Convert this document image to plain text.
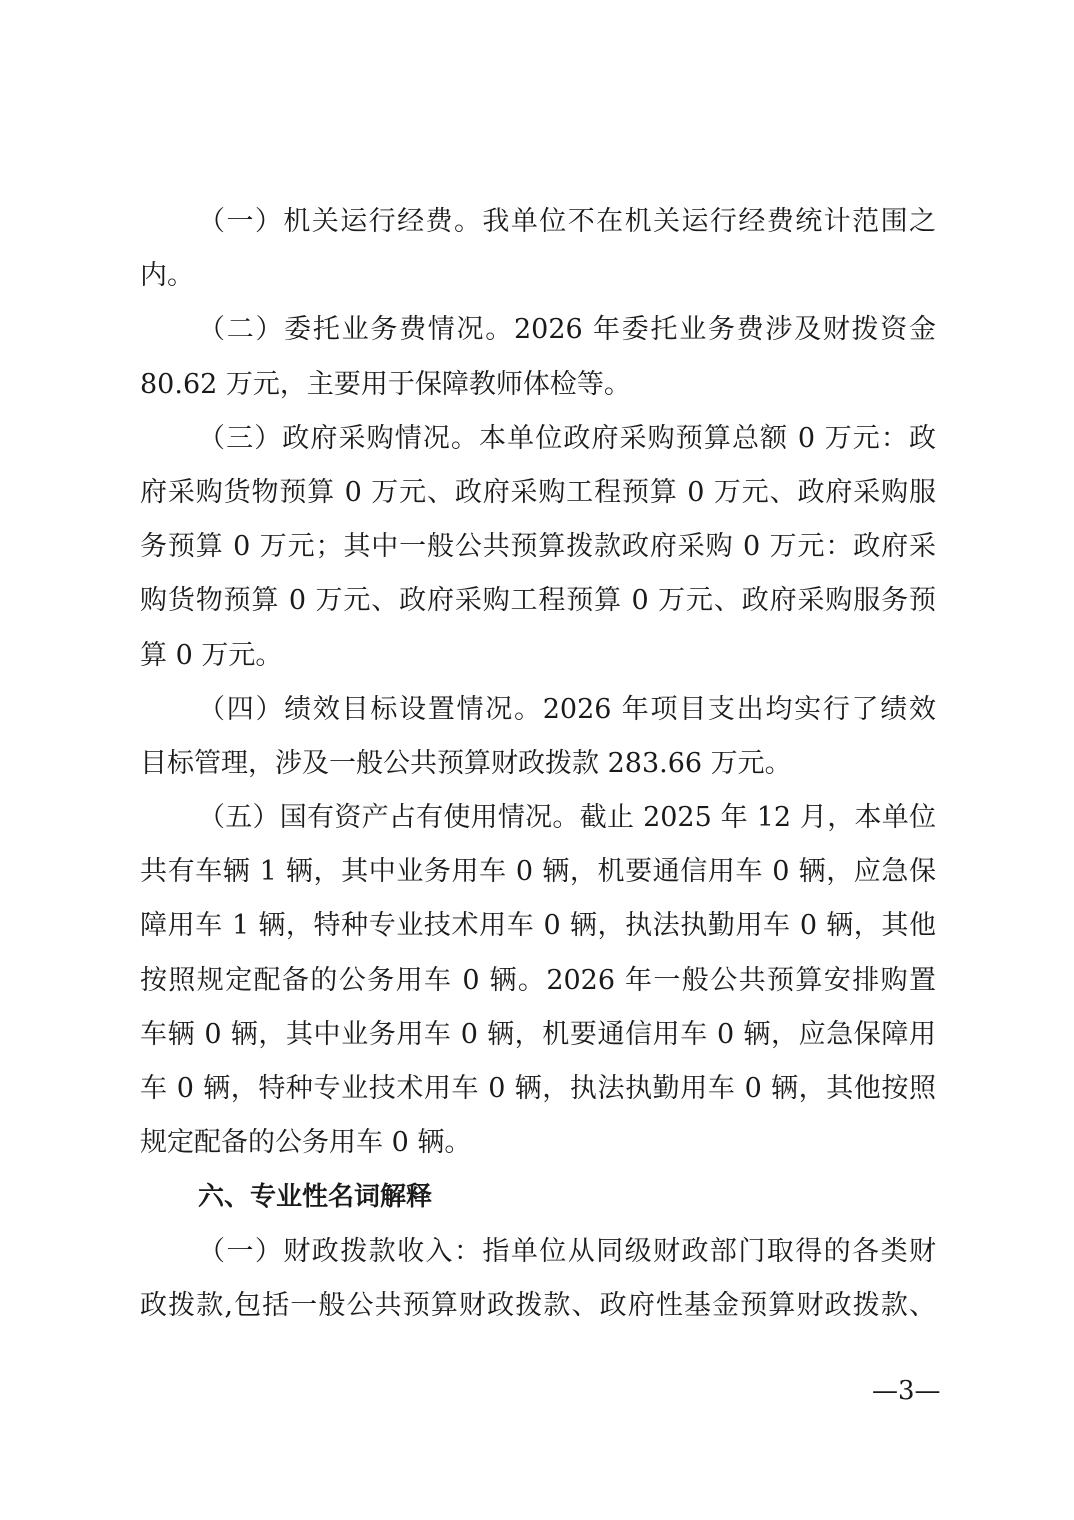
（一）机关运行经费。我单位不在机关运行经费统计范围之
内。
（二）委托业务费情况。2026 年委托业务费涉及财拨资金
80.62 万元，主要用于保障教师体检等。
（三）政府采购情况。本单位政府采购预算总额 0 万元：政
府采购货物预算 0 万元、政府采购工程预算 0 万元、政府采购服
务预算 0 万元；其中一般公共预算拨款政府采购 0 万元：政府采
购货物预算 0 万元、政府采购工程预算 0 万元、政府采购服务预
算 0 万元。
（四）绩效目标设置情况。2026 年项目支出均实行了绩效
目标管理，涉及一般公共预算财政拨款 283.66 万元。
（五）国有资产占有使用情况。截止 2025 年 12 月，本单位
共有车辆 1 辆，其中业务用车 0 辆，机要通信用车 0 辆，应急保
障用车 1 辆，特种专业技术用车 0 辆，执法执勤用车 0 辆，其他
按照规定配备的公务用车 0 辆。2026 年一般公共预算安排购置
车辆 0 辆，其中业务用车 0 辆，机要通信用车 0 辆，应急保障用
车 0 辆，特种专业技术用车 0 辆，执法执勤用车 0 辆，其他按照
规定配备的公务用车 0 辆。
六、专业性名词解释
（一）财政拨款收入：指单位从同级财政部门取得的各类财
政拨款,包括一般公共预算财政拨款、政府性基金预算财政拨款、
—3—
